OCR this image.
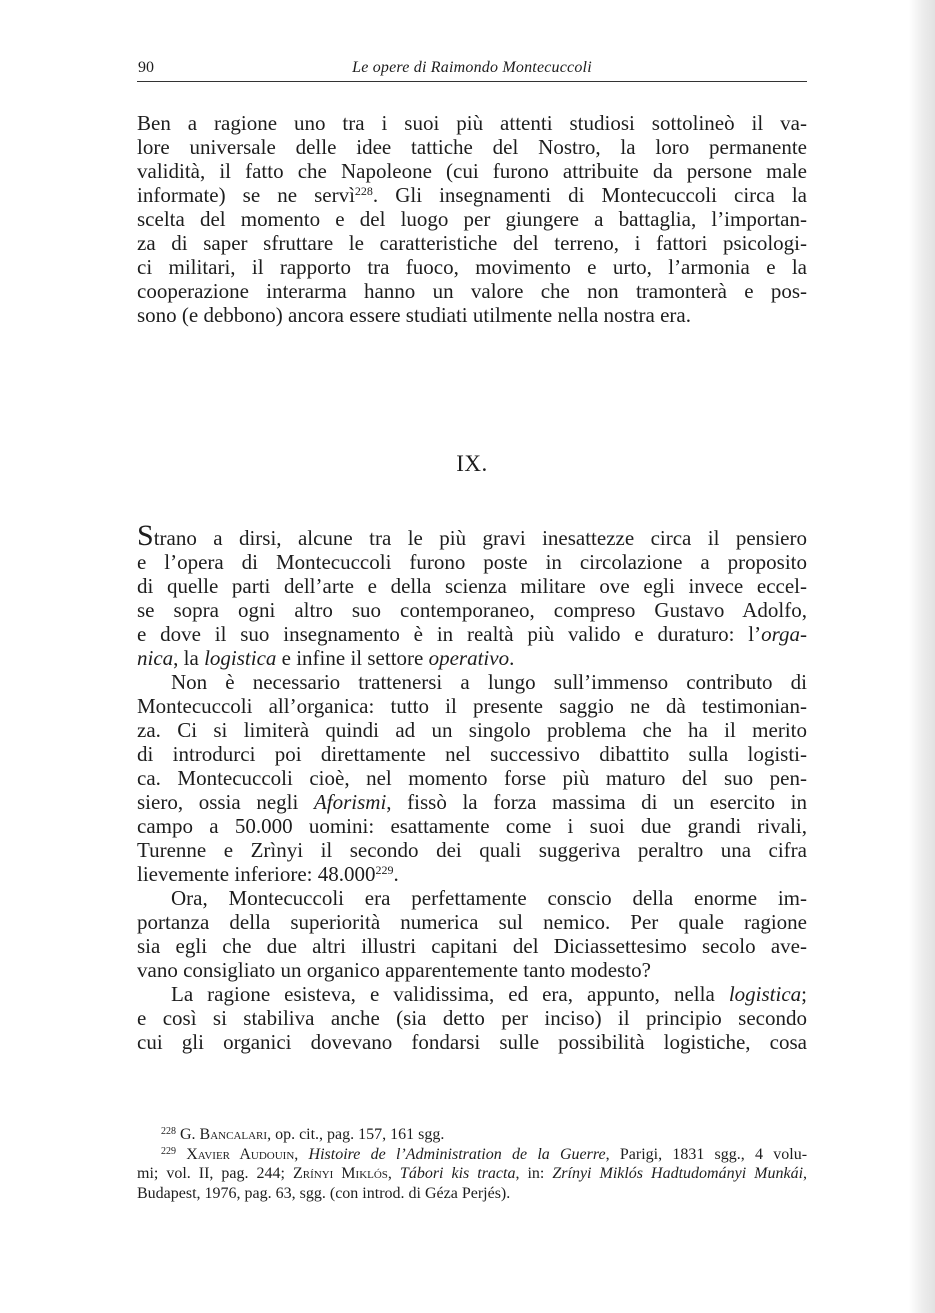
90	Le opere di Raimondo Montecuccoli
Ben a ragione uno tra i suoi più attenti studiosi sottolineò il va-
lore universale delle idee tattiche del Nostro, la loro permanente
validità, il fatto che Napoleone (cui furono attribuite da persone male
informate) se ne servì$^{228}$. Gli insegnamenti di Montecuccoli circa la
scelta del momento e del luogo per giungere a battaglia, l’importan-
za di saper sfruttare le caratteristiche del terreno, i fattori psicologi-
ci militari, il rapporto tra fuoco, movimento e urto, l’armonia e la
cooperazione interarma hanno un valore che non tramonterà e pos-
sono (e debbono) ancora essere studiati utilmente nella nostra era.
IX.
Strano a dirsi, alcune tra le più gravi inesattezze circa il pensiero
e l’opera di Montecuccoli furono poste in circolazione a proposito
di quelle parti dell’arte e della scienza militare ove egli invece eccel-
se sopra ogni altro suo contemporaneo, compreso Gustavo Adolfo,
e dove il suo insegnamento è in realtà più valido e duraturo: l’orga-
nica, la logistica e infine il settore operativo.
Non è necessario trattenersi a lungo sull’immenso contributo di
Montecuccoli all’organica: tutto il presente saggio ne dà testimonian-
za. Ci si limiterà quindi ad un singolo problema che ha il merito
di introdurci poi direttamente nel successivo dibattito sulla logisti-
ca. Montecuccoli cioè, nel momento forse più maturo del suo pen-
siero, ossia negli Aforismi, fissò la forza massima di un esercito in
campo a 50.000 uomini: esattamente come i suoi due grandi rivali,
Turenne e Zrìnyi il secondo dei quali suggeriva peraltro una cifra
lievemente inferiore: 48.000$^{229}$.
Ora, Montecuccoli era perfettamente conscio della enorme im-
portanza della superiorità numerica sul nemico. Per quale ragione
sia egli che due altri illustri capitani del Diciassettesimo secolo ave-
vano consigliato un organico apparentemente tanto modesto?
La ragione esisteva, e validissima, ed era, appunto, nella logistica;
e così si stabiliva anche (sia detto per inciso) il principio secondo
cui gli organici dovevano fondarsi sulle possibilità logistiche, cosa
$^{228}$ G. Bancalari, op. cit., pag. 157, 161 sgg.
$^{229}$ Xavier Audouin, Histoire de l’Administration de la Guerre, Parigi, 1831 sgg., 4 volu-
mi; vol. II, pag. 244; Zrínyi Miklós, Tábori kis tracta, in: Zrínyi Miklós Hadtudományi Munkái,
Budapest, 1976, pag. 63, sgg. (con introd. di Géza Perjés).
